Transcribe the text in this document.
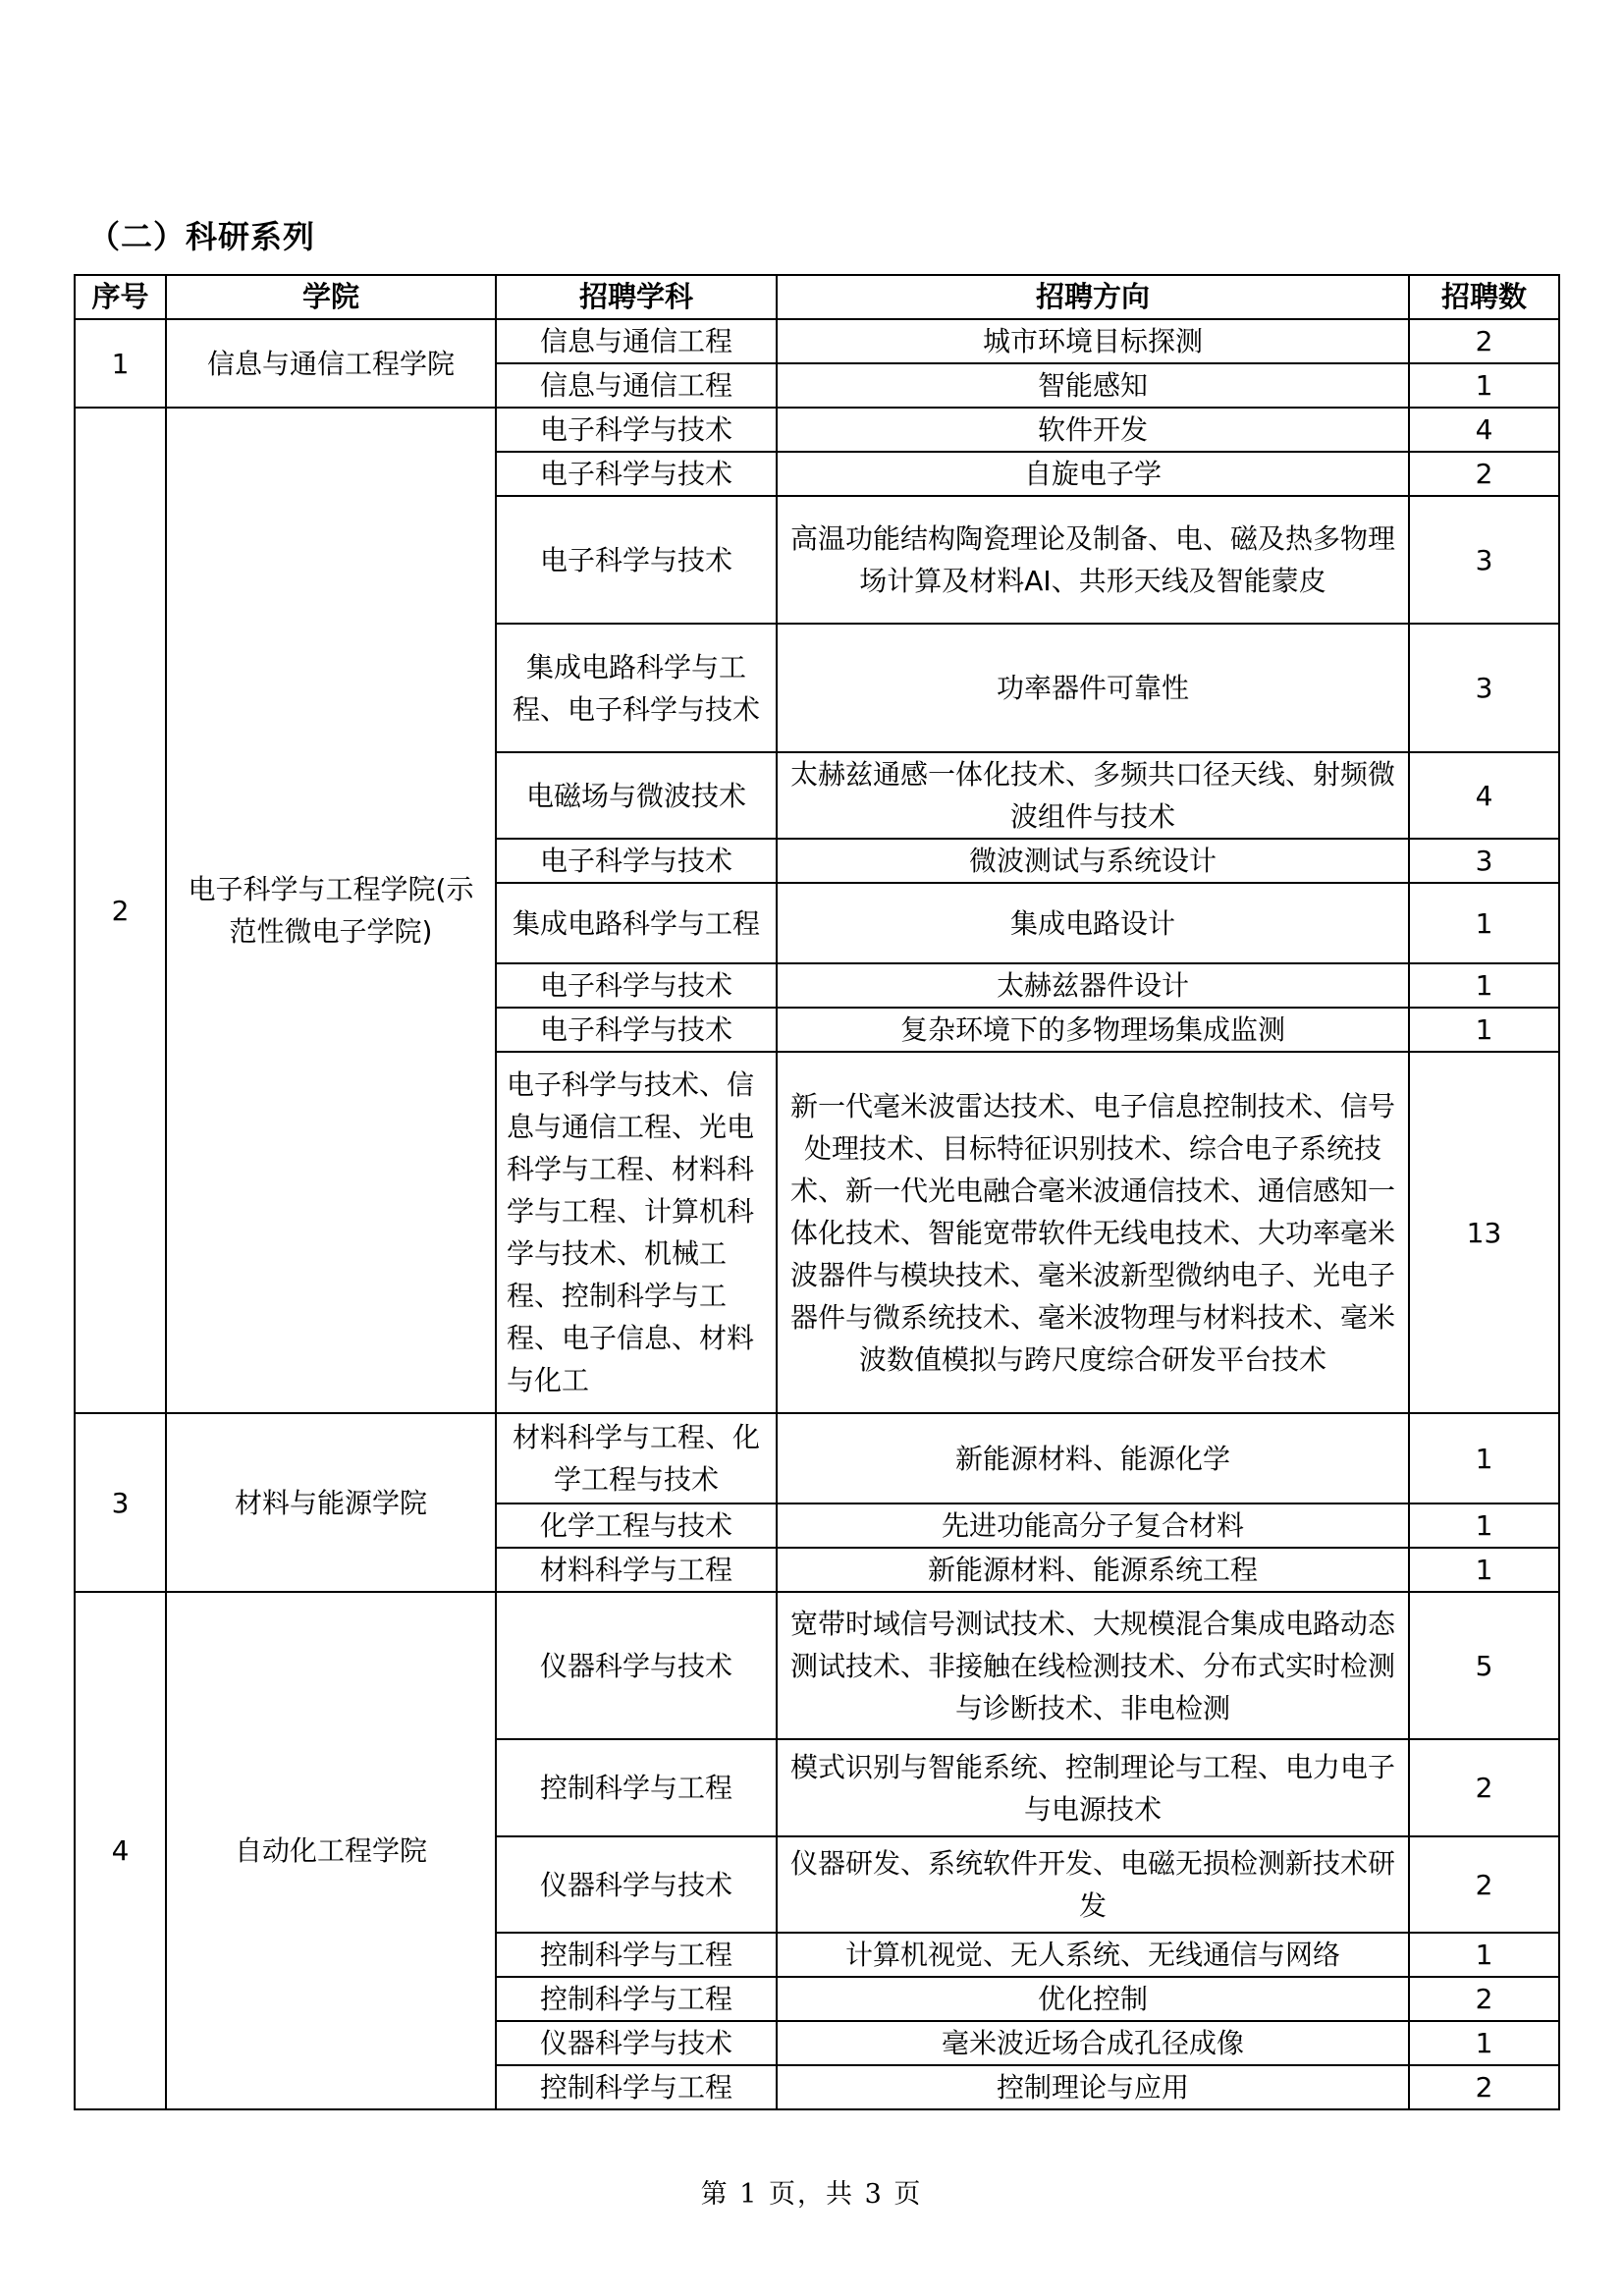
（二）科研系列
序号	学院	招聘学科	招聘方向	招聘数
1	信息与通信工程学院	信息与通信工程	城市环境目标探测	2
		信息与通信工程	智能感知	1
2	电子科学与工程学院(示范性微电子学院)	电子科学与技术	软件开发	4
		电子科学与技术	自旋电子学	2
		电子科学与技术	高温功能结构陶瓷理论及制备、电、磁及热多物理场计算及材料AI、共形天线及智能蒙皮	3
		集成电路科学与工程、电子科学与技术	功率器件可靠性	3
		电磁场与微波技术	太赫兹通感一体化技术、多频共口径天线、射频微波组件与技术	4
		电子科学与技术	微波测试与系统设计	3
		集成电路科学与工程	集成电路设计	1
		电子科学与技术	太赫兹器件设计	1
		电子科学与技术	复杂环境下的多物理场集成监测	1
		电子科学与技术、信息与通信工程、光电科学与工程、材料科学与工程、计算机科学与技术、机械工程、控制科学与工程、电子信息、材料与化工	新一代毫米波雷达技术、电子信息控制技术、信号处理技术、目标特征识别技术、综合电子系统技术、新一代光电融合毫米波通信技术、通信感知一体化技术、智能宽带软件无线电技术、大功率毫米波器件与模块技术、毫米波新型微纳电子、光电子器件与微系统技术、毫米波物理与材料技术、毫米波数值模拟与跨尺度综合研发平台技术	13
3	材料与能源学院	材料科学与工程、化学工程与技术	新能源材料、能源化学	1
		化学工程与技术	先进功能高分子复合材料	1
		材料科学与工程	新能源材料、能源系统工程	1
4	自动化工程学院	仪器科学与技术	宽带时域信号测试技术、大规模混合集成电路动态测试技术、非接触在线检测技术、分布式实时检测与诊断技术、非电检测	5
		控制科学与工程	模式识别与智能系统、控制理论与工程、电力电子与电源技术	2
		仪器科学与技术	仪器研发、系统软件开发、电磁无损检测新技术研发	2
		控制科学与工程	计算机视觉、无人系统、无线通信与网络	1
		控制科学与工程	优化控制	2
		仪器科学与技术	毫米波近场合成孔径成像	1
		控制科学与工程	控制理论与应用	2
第 1 页，共 3 页
